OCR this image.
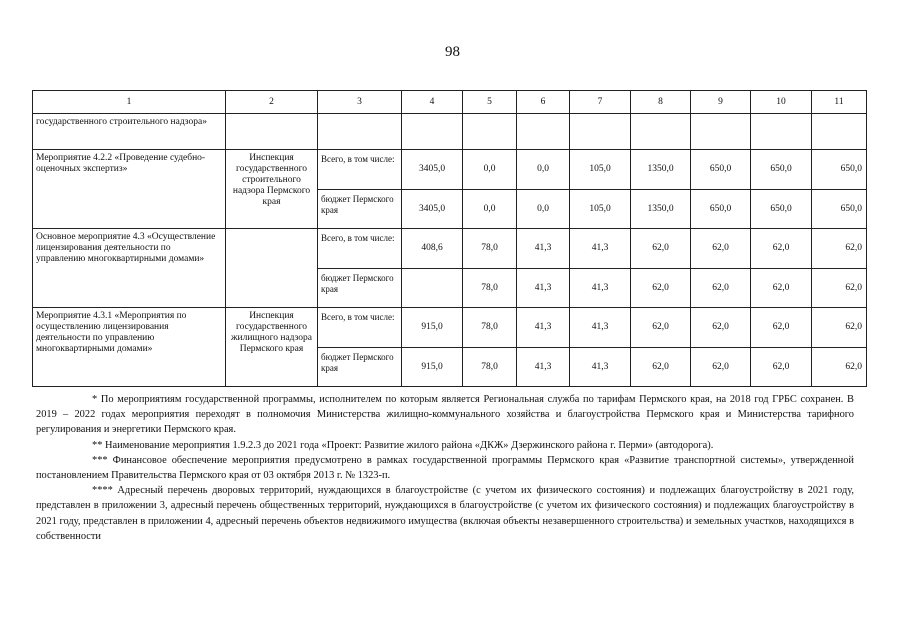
98
1	2	3	4	5	6	7	8	9	10	11
государственного строительного надзора»										
Мероприятие 4.2.2 «Проведение судебно-оценочных экспертиз»	Инспекция государственного строительного надзора Пермского края	Всего, в том числе:	3405,0	0,0	0,0	105,0	1350,0	650,0	650,0	650,0
		бюджет Пермского края	3405,0	0,0	0,0	105,0	1350,0	650,0	650,0	650,0
Основное мероприятие 4.3 «Осуществление лицензирования деятельности по управлению многоквартирными домами»		Всего, в том числе:	408,6	78,0	41,3	41,3	62,0	62,0	62,0	62,0
		бюджет Пермского края		78,0	41,3	41,3	62,0	62,0	62,0	62,0
Мероприятие 4.3.1 «Мероприятия по осуществлению лицензирования деятельности по управлению многоквартирными домами»	Инспекция государственного жилищного надзора Пермского края	Всего, в том числе:	915,0	78,0	41,3	41,3	62,0	62,0	62,0	62,0
		бюджет Пермского края	915,0	78,0	41,3	41,3	62,0	62,0	62,0	62,0

* По мероприятиям государственной программы, исполнителем по которым является Региональная служба по тарифам Пермского края, на 2018 год ГРБС сохранен. В 2019 – 2022 годах мероприятия переходят в полномочия Министерства жилищно-коммунального хозяйства и благоустройства Пермского края и Министерства тарифного регулирования и энергетики Пермского края.

** Наименование мероприятия 1.9.2.3 до 2021 года «Проект: Развитие жилого района «ДКЖ» Дзержинского района г. Перми» (автодорога).

*** Финансовое обеспечение мероприятия предусмотрено в рамках государственной программы Пермского края «Развитие транспортной системы», утвержденной постановлением Правительства Пермского края от 03 октября 2013 г. № 1323-п.

**** Адресный перечень дворовых территорий, нуждающихся в благоустройстве (с учетом их физического состояния) и подлежащих благоустройству в 2021 году, представлен в приложении 3, адресный перечень общественных территорий, нуждающихся в благоустройстве (с учетом их физического состояния) и подлежащих благоустройству в 2021 году, представлен в приложении 4, адресный перечень объектов недвижимого имущества (включая объекты незавершенного строительства) и земельных участков, находящихся в собственности
